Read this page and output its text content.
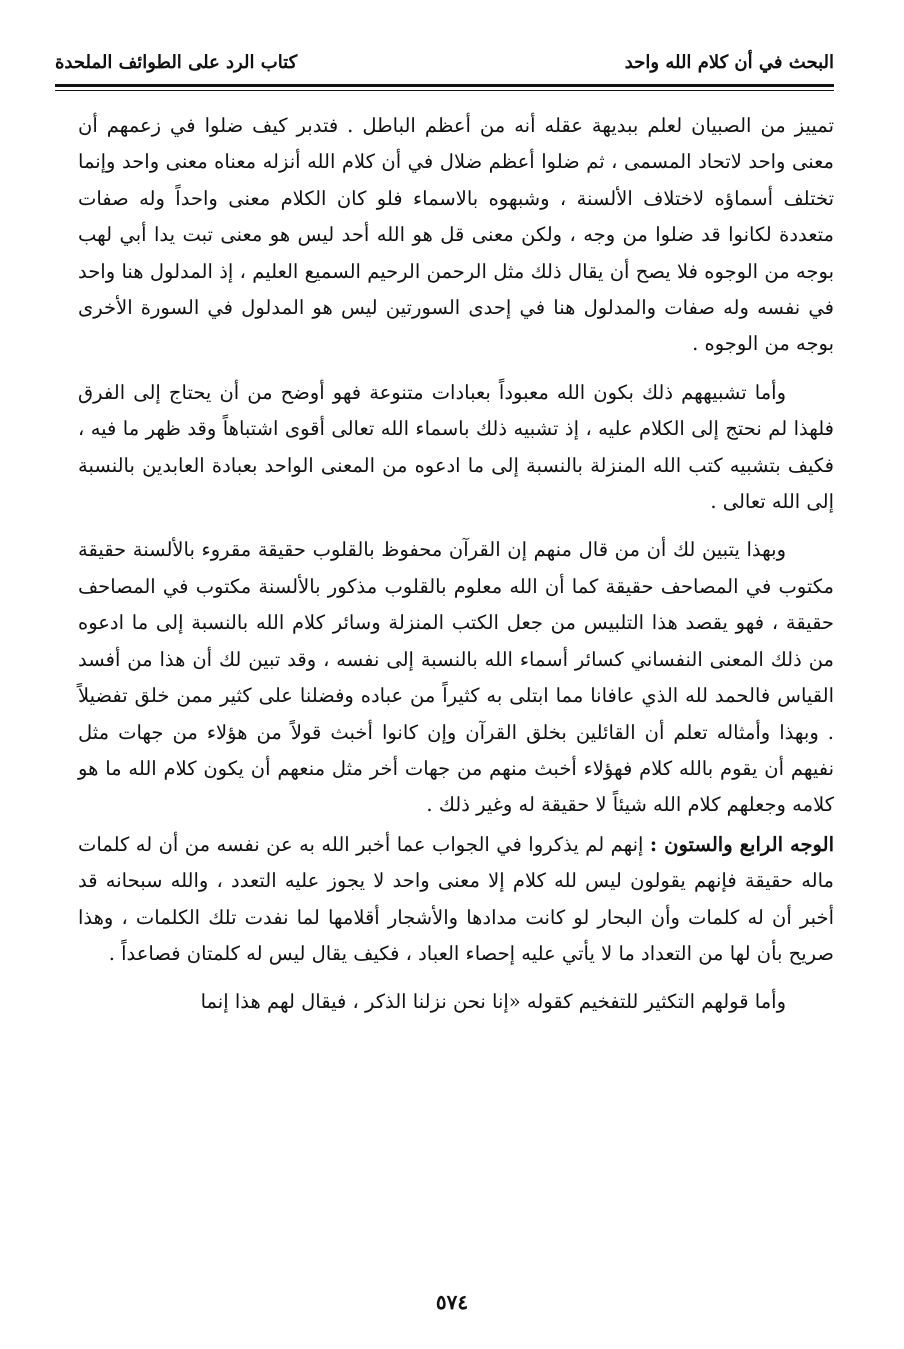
البحث في أن كلام الله واحد
كتاب الرد على الطوائف الملحدة

تمييز من الصبيان لعلم ببديهة عقله أنه من أعظم الباطل . فتدبر كيف ضلوا في زعمهم أن معنى واحد لاتحاد المسمى ، ثم ضلوا أعظم ضلال في أن كلام الله أنزله معناه معنى واحد وإنما تختلف أسماؤه لاختلاف الألسنة ، وشبهوه بالاسماء فلو كان الكلام معنى واحداً وله صفات متعددة لكانوا قد ضلوا من وجه ، ولكن معنى قل هو الله أحد ليس هو معنى تبت يدا أبي لهب بوجه من الوجوه فلا يصح أن يقال ذلك مثل الرحمن الرحيم السميع العليم ، إذ المدلول هنا واحد في نفسه وله صفات والمدلول هنا في إحدى السورتين ليس هو المدلول في السورة الأخرى بوجه من الوجوه .

وأما تشبيههم ذلك بكون الله معبوداً بعبادات متنوعة فهو أوضح من أن يحتاج إلى الفرق فلهذا لم نحتج إلى الكلام عليه ، إذ تشبيه ذلك باسماء الله تعالى أقوى اشتباهاً وقد ظهر ما فيه ، فكيف بتشبيه كتب الله المنزلة بالنسبة إلى ما ادعوه من المعنى الواحد بعبادة العابدين بالنسبة إلى الله تعالى .

وبهذا يتبين لك أن من قال منهم إن القرآن محفوظ بالقلوب حقيقة مقروء بالألسنة حقيقة مكتوب في المصاحف حقيقة كما أن الله معلوم بالقلوب مذكور بالألسنة مكتوب في المصاحف حقيقة ، فهو يقصد هذا التلبيس من جعل الكتب المنزلة وسائر كلام الله بالنسبة إلى ما ادعوه من ذلك المعنى النفساني كسائر أسماء الله بالنسبة إلى نفسه ، وقد تبين لك أن هذا من أفسد القياس فالحمد لله الذي عافانا مما ابتلى به كثيراً من عباده وفضلنا على كثير ممن خلق تفضيلاً . وبهذا وأمثاله تعلم أن القائلين بخلق القرآن وإن كانوا أخبث قولاً من هؤلاء من جهات مثل نفيهم أن يقوم بالله كلام فهؤلاء أخبث منهم من جهات أخر مثل منعهم أن يكون كلام الله ما هو كلامه وجعلهم كلام الله شيئاً لا حقيقة له وغير ذلك .

الوجه الرابع والستون : إنهم لم يذكروا في الجواب عما أخبر الله به عن نفسه من أن له كلمات ماله حقيقة فإنهم يقولون ليس لله كلام إلا معنى واحد لا يجوز عليه التعدد ، والله سبحانه قد أخبر أن له كلمات وأن البحار لو كانت مدادها والأشجار أقلامها لما نفدت تلك الكلمات ، وهذا صريح بأن لها من التعداد ما لا يأتي عليه إحصاء العباد ، فكيف يقال ليس له كلمتان فصاعداً .

وأما قولهم التكثير للتفخيم كقوله «إنا نحن نزلنا الذكر ، فيقال لهم هذا إنما

٥٧٤
